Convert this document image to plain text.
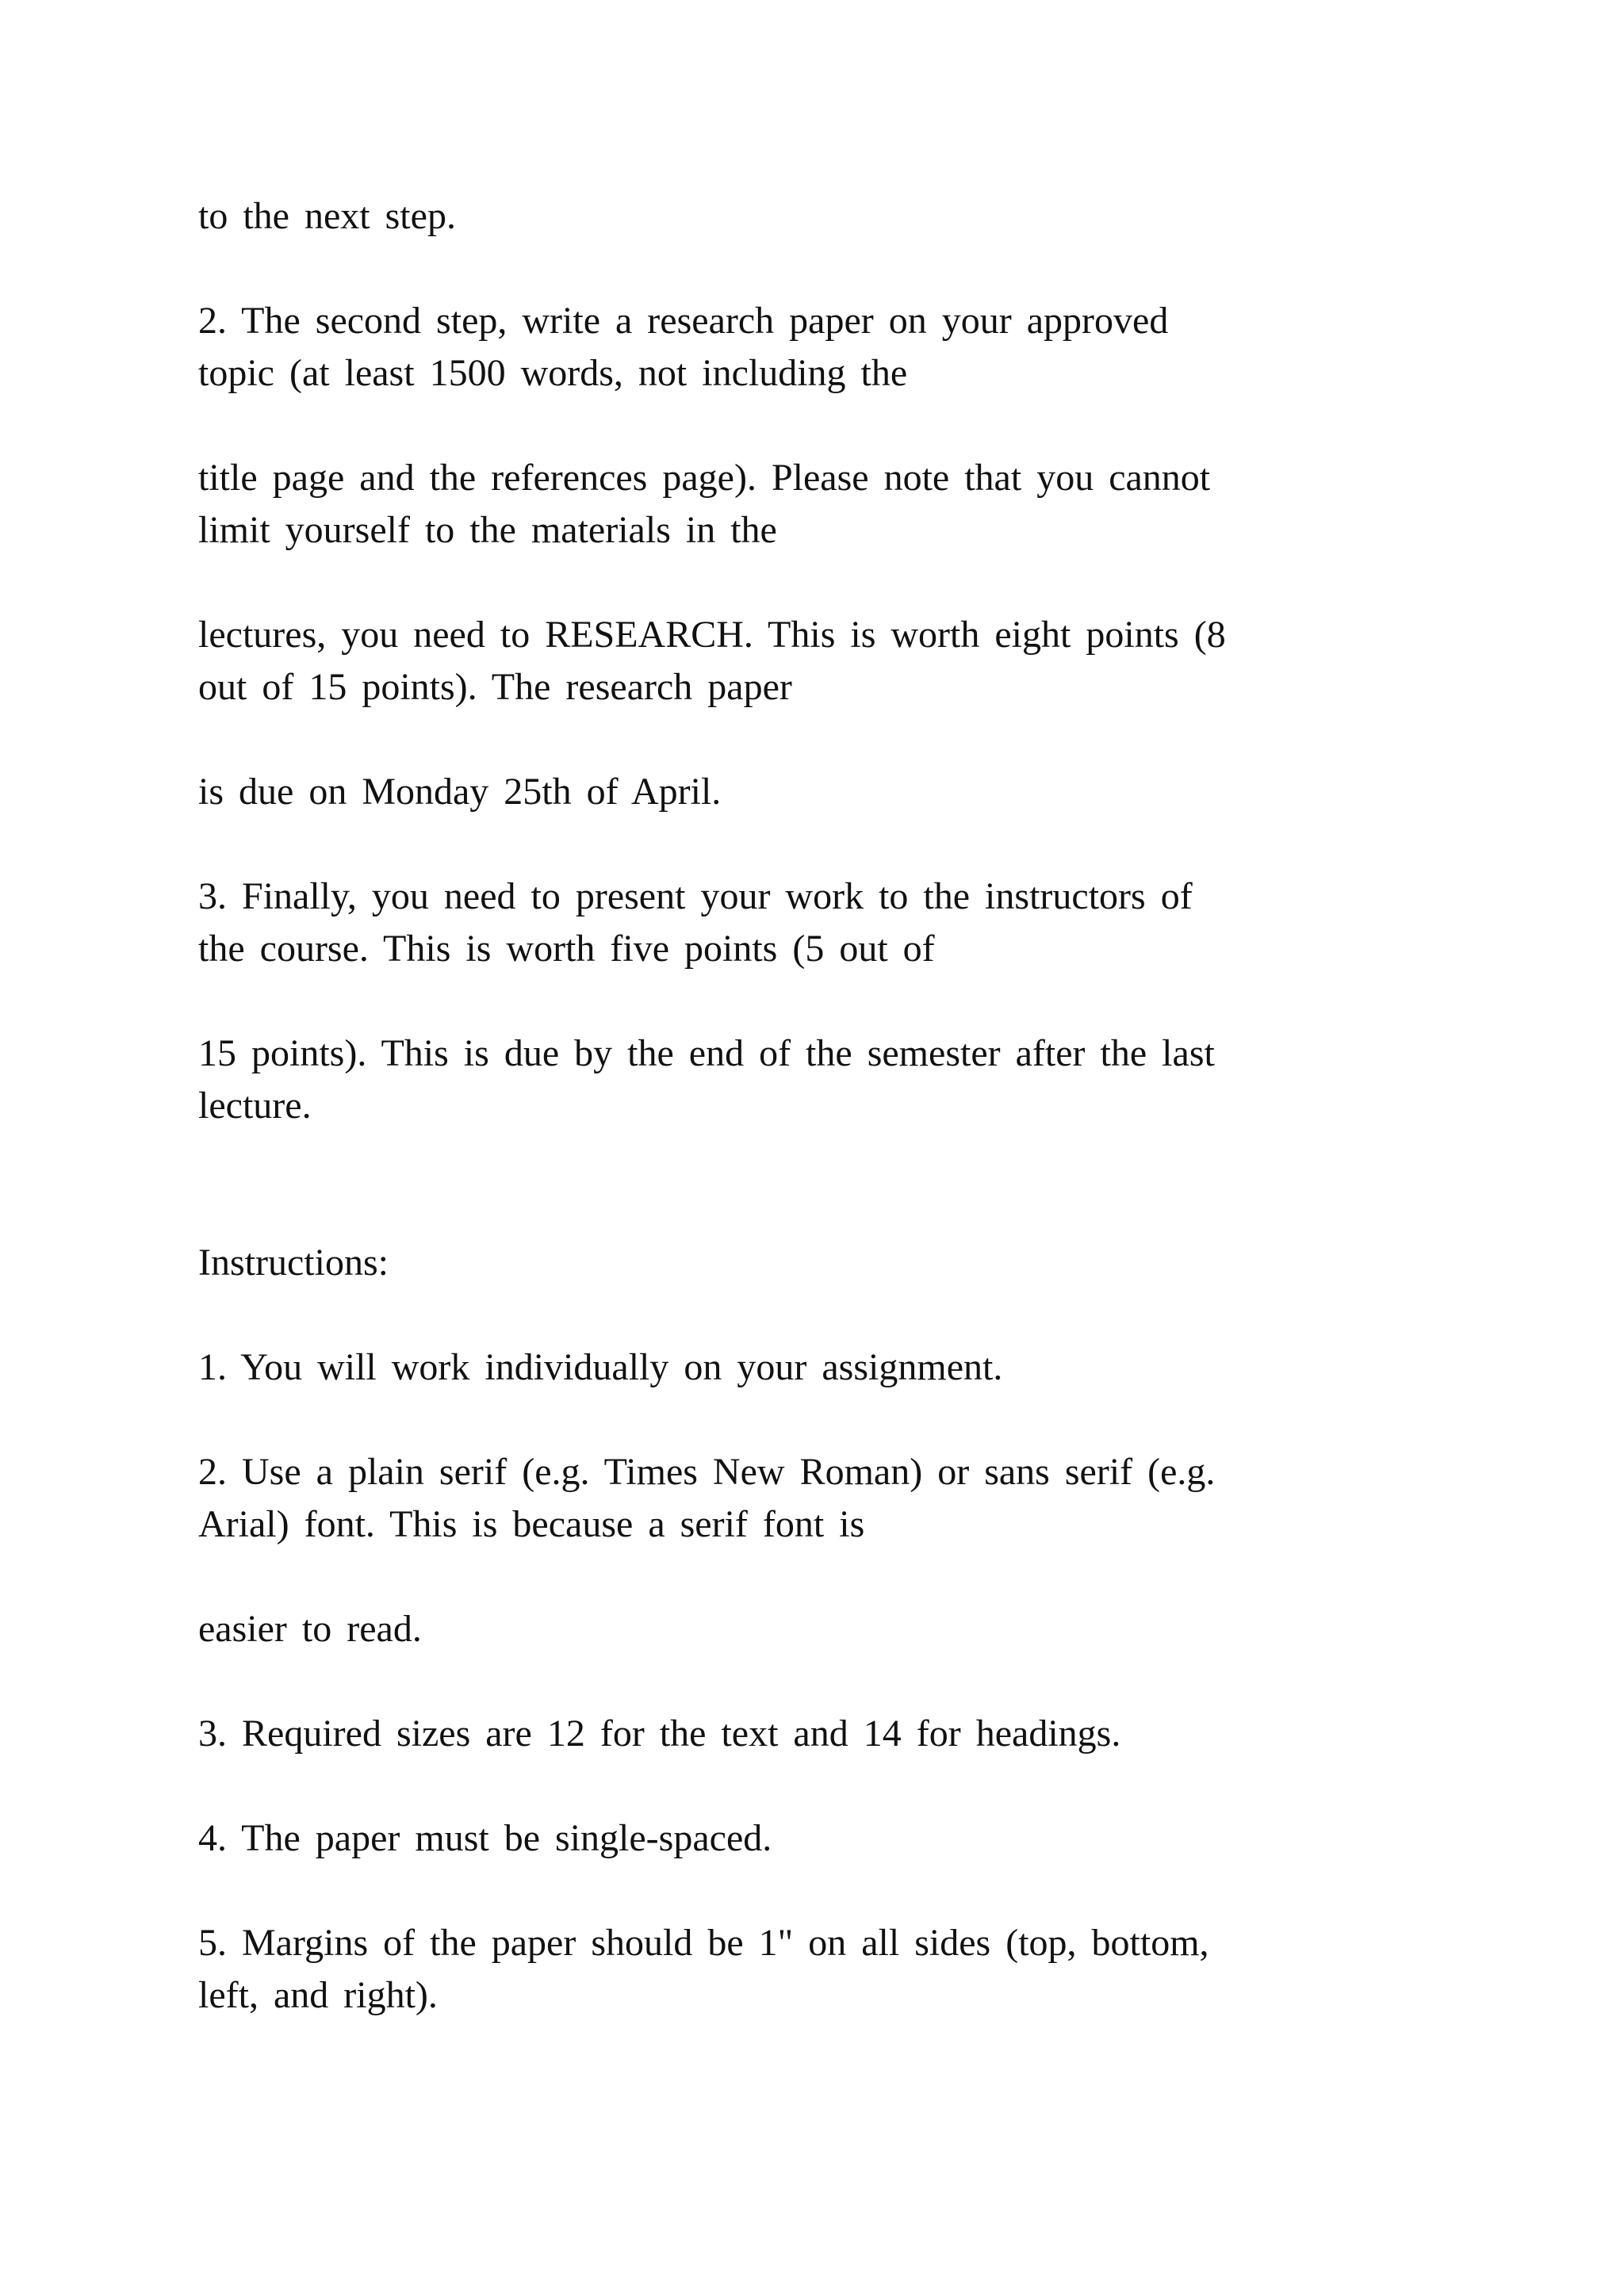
to the next step.

2. The second step, write a research paper on your approved
topic (at least 1500 words, not including the

title page and the references page). Please note that you cannot
limit yourself to the materials in the

lectures, you need to RESEARCH. This is worth eight points (8
out of 15 points). The research paper

is due on Monday 25th of April.

3. Finally, you need to present your work to the instructors of
the course. This is worth five points (5 out of

15 points). This is due by the end of the semester after the last
lecture.

Instructions:

1. You will work individually on your assignment.

2. Use a plain serif (e.g. Times New Roman) or sans serif (e.g.
Arial) font. This is because a serif font is

easier to read.

3. Required sizes are 12 for the text and 14 for headings.

4. The paper must be single-spaced.

5. Margins of the paper should be 1" on all sides (top, bottom,
left, and right).
